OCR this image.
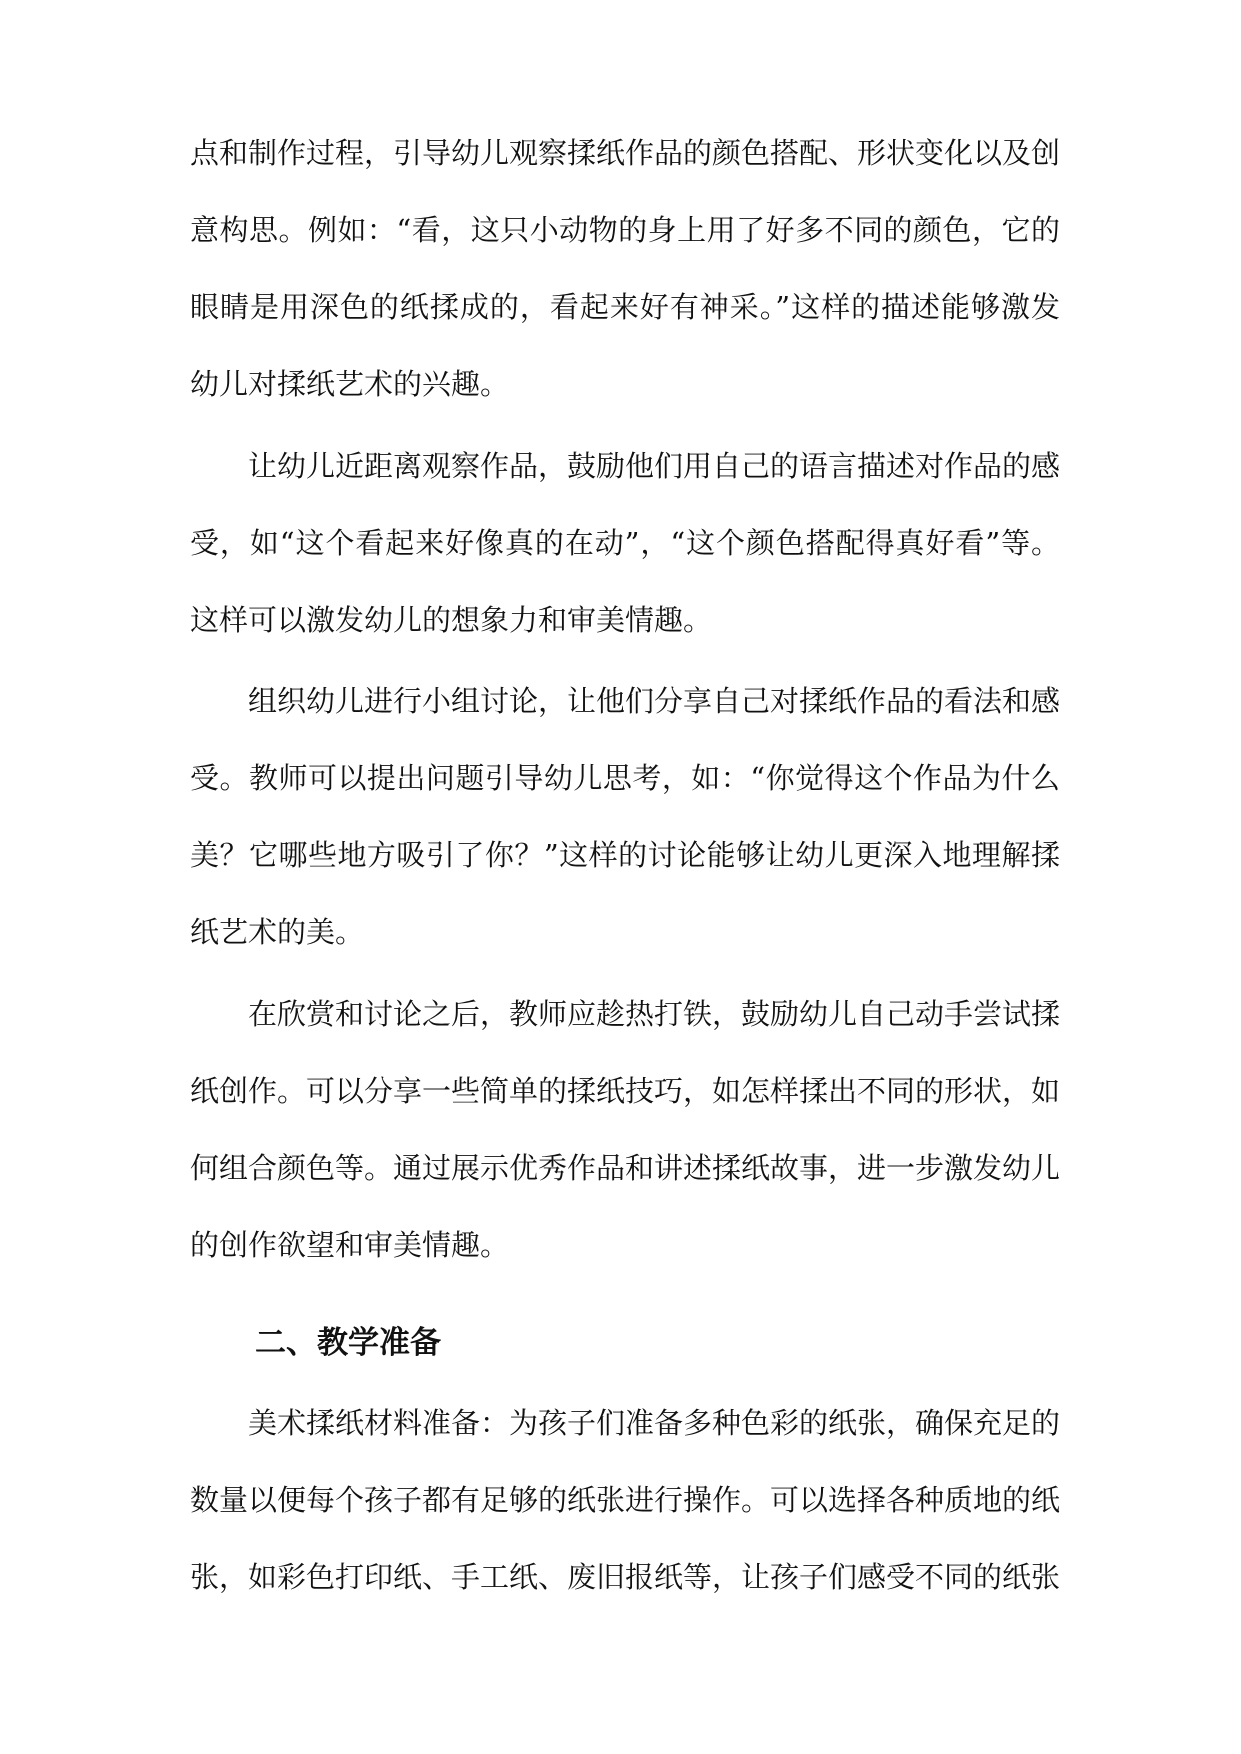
点和制作过程，引导幼儿观察揉纸作品的颜色搭配、形状变化以及创
意构思。例如：“看，这只小动物的身上用了好多不同的颜色，它的
眼睛是用深色的纸揉成的，看起来好有神采。”这样的描述能够激发
幼儿对揉纸艺术的兴趣。
让幼儿近距离观察作品，鼓励他们用自己的语言描述对作品的感
受，如“这个看起来好像真的在动”，“这个颜色搭配得真好看”等。
这样可以激发幼儿的想象力和审美情趣。
组织幼儿进行小组讨论，让他们分享自己对揉纸作品的看法和感
受。教师可以提出问题引导幼儿思考，如：“你觉得这个作品为什么
美？它哪些地方吸引了你？”这样的讨论能够让幼儿更深入地理解揉
纸艺术的美。
在欣赏和讨论之后，教师应趁热打铁，鼓励幼儿自己动手尝试揉
纸创作。可以分享一些简单的揉纸技巧，如怎样揉出不同的形状，如
何组合颜色等。通过展示优秀作品和讲述揉纸故事，进一步激发幼儿
的创作欲望和审美情趣。
二、教学准备
美术揉纸材料准备：为孩子们准备多种色彩的纸张，确保充足的
数量以便每个孩子都有足够的纸张进行操作。可以选择各种质地的纸
张，如彩色打印纸、手工纸、废旧报纸等，让孩子们感受不同的纸张
